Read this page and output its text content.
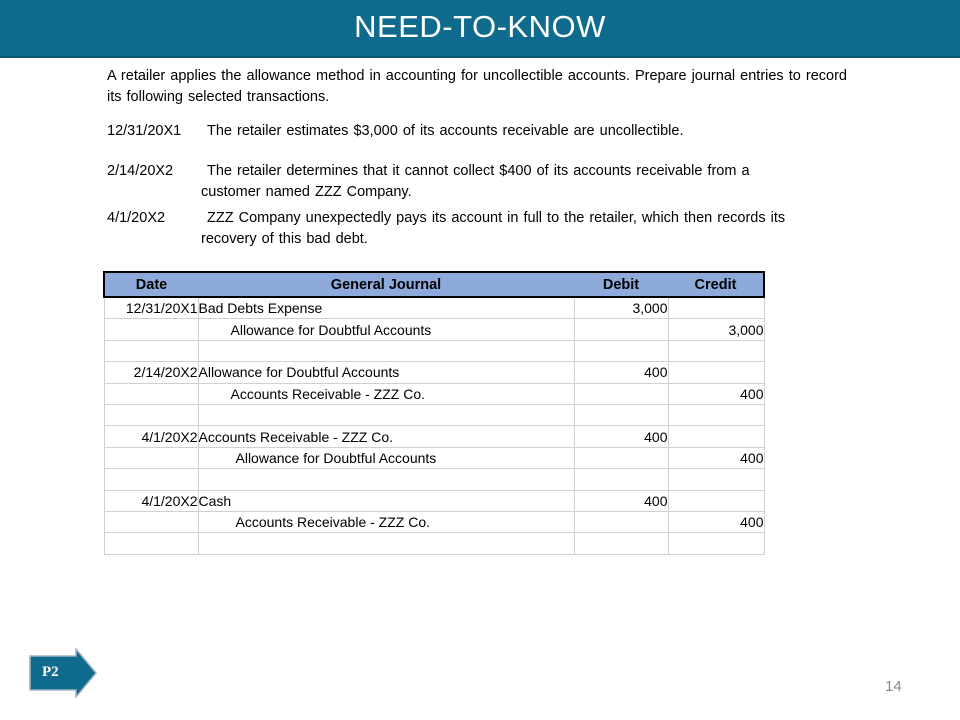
NEED-TO-KNOW
A retailer applies the allowance method in accounting for uncollectible accounts. Prepare journal entries to record its following selected transactions.
12/31/20X1 The retailer estimates $3,000 of its accounts receivable are uncollectible.
2/14/20X2	The retailer determines that it cannot collect $400 of its accounts receivable from a customer named ZZZ Company.
4/1/20X2	ZZZ Company unexpectedly pays its account in full to the retailer, which then records its recovery of this bad debt.
Date	General Journal	Debit	Credit
12/31/20X1	Bad Debts Expense	3,000	
	Allowance for Doubtful Accounts		3,000

2/14/20X2	Allowance for Doubtful Accounts	400	
	Accounts Receivable - ZZZ Co.		400

4/1/20X2	Accounts Receivable - ZZZ Co.	400	
	Allowance for Doubtful Accounts		400

4/1/20X2	Cash	400	
	Accounts Receivable - ZZZ Co.		400

P2
14
